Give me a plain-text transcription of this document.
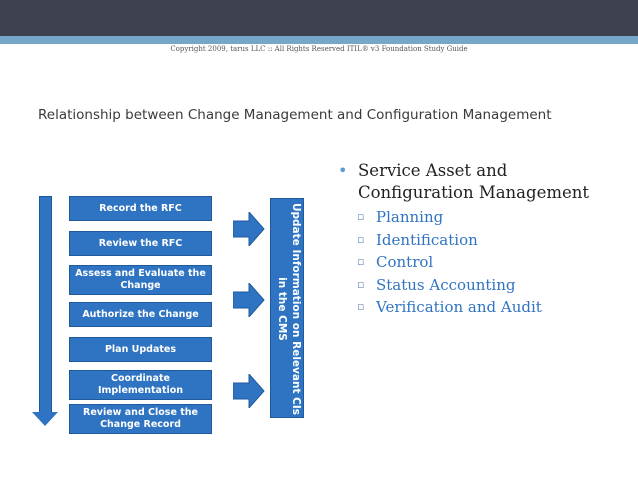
Copyright 2009, tarus LLC :: All Rights Reserved ITIL® v3 Foundation Study Guide
Relationship between Change Management and Configuration Management
Record the RFC
Review the RFC
Assess and Evaluate the Change
Authorize the Change
Plan Updates
Coordinate Implementation
Review and Close the Change Record
Update Information on Relevant CIs in the CMS
• Service Asset and Configuration Management
▫ Planning
▫ Identification
▫ Control
▫ Status Accounting
▫ Verification and Audit
